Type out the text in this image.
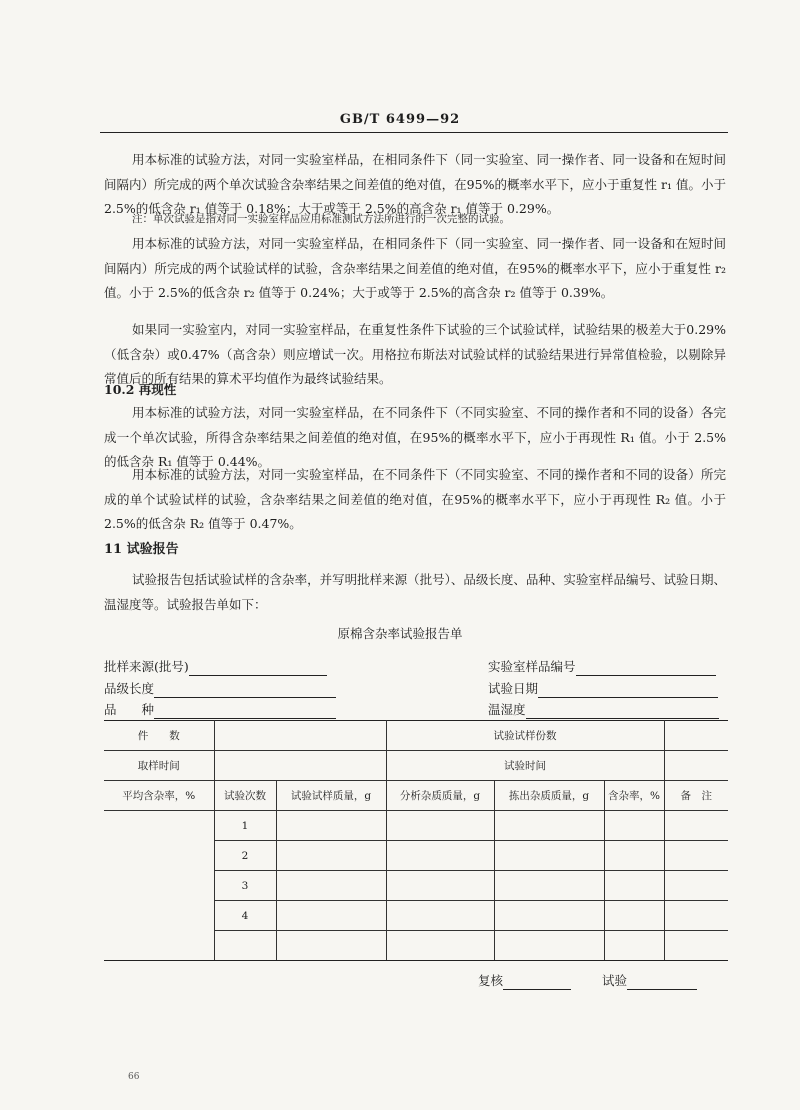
GB/T 6499—92

用本标准的试验方法，对同一实验室样品，在相同条件下（同一实验室、同一操作者、同一设备和在短时间间隔内）所完成的两个单次试验含杂率结果之间差值的绝对值，在95%的概率水平下，应小于重复性 r₁ 值。小于 2.5%的低含杂 r₁ 值等于 0.18%；大于或等于 2.5%的高含杂 r₁ 值等于 0.29%。

注：单次试验是指对同一实验室样品应用标准测试方法所进行的一次完整的试验。

用本标准的试验方法，对同一实验室样品，在相同条件下（同一实验室、同一操作者、同一设备和在短时间间隔内）所完成的两个试验试样的试验，含杂率结果之间差值的绝对值，在95%的概率水平下，应小于重复性 r₂ 值。小于 2.5%的低含杂 r₂ 值等于 0.24%；大于或等于 2.5%的高含杂 r₂ 值等于 0.39%。

如果同一实验室内，对同一实验室样品，在重复性条件下试验的三个试验试样，试验结果的极差大于0.29%（低含杂）或0.47%（高含杂）则应增试一次。用格拉布斯法对试验试样的试验结果进行异常值检验，以剔除异常值后的所有结果的算术平均值作为最终试验结果。

10.2 再现性

用本标准的试验方法，对同一实验室样品，在不同条件下（不同实验室、不同的操作者和不同的设备）各完成一个单次试验，所得含杂率结果之间差值的绝对值，在95%的概率水平下，应小于再现性 R₁ 值。小于 2.5%的低含杂 R₁ 值等于 0.44%。

用本标准的试验方法，对同一实验室样品，在不同条件下（不同实验室、不同的操作者和不同的设备）所完成的单个试验试样的试验，含杂率结果之间差值的绝对值，在95%的概率水平下，应小于再现性 R₂ 值。小于 2.5%的低含杂 R₂ 值等于 0.47%。

11 试验报告

试验报告包括试验试样的含杂率，并写明批样来源（批号）、品级长度、品种、实验室样品编号、试验日期、温湿度等。试验报告单如下：

原棉含杂率试验报告单
批样来源(批号)	实验室样品编号
品级长度	试验日期
品　　种	温湿度
件　　数			试验试样份数			
取样时间			试验时间			
平均含杂率，%	试验次数	试验试样质量，g	分析杂质质量，g	拣出杂质质量，g	含杂率，%	备　注
	1					
	2					
	3					
	4					

复核	试验
66
